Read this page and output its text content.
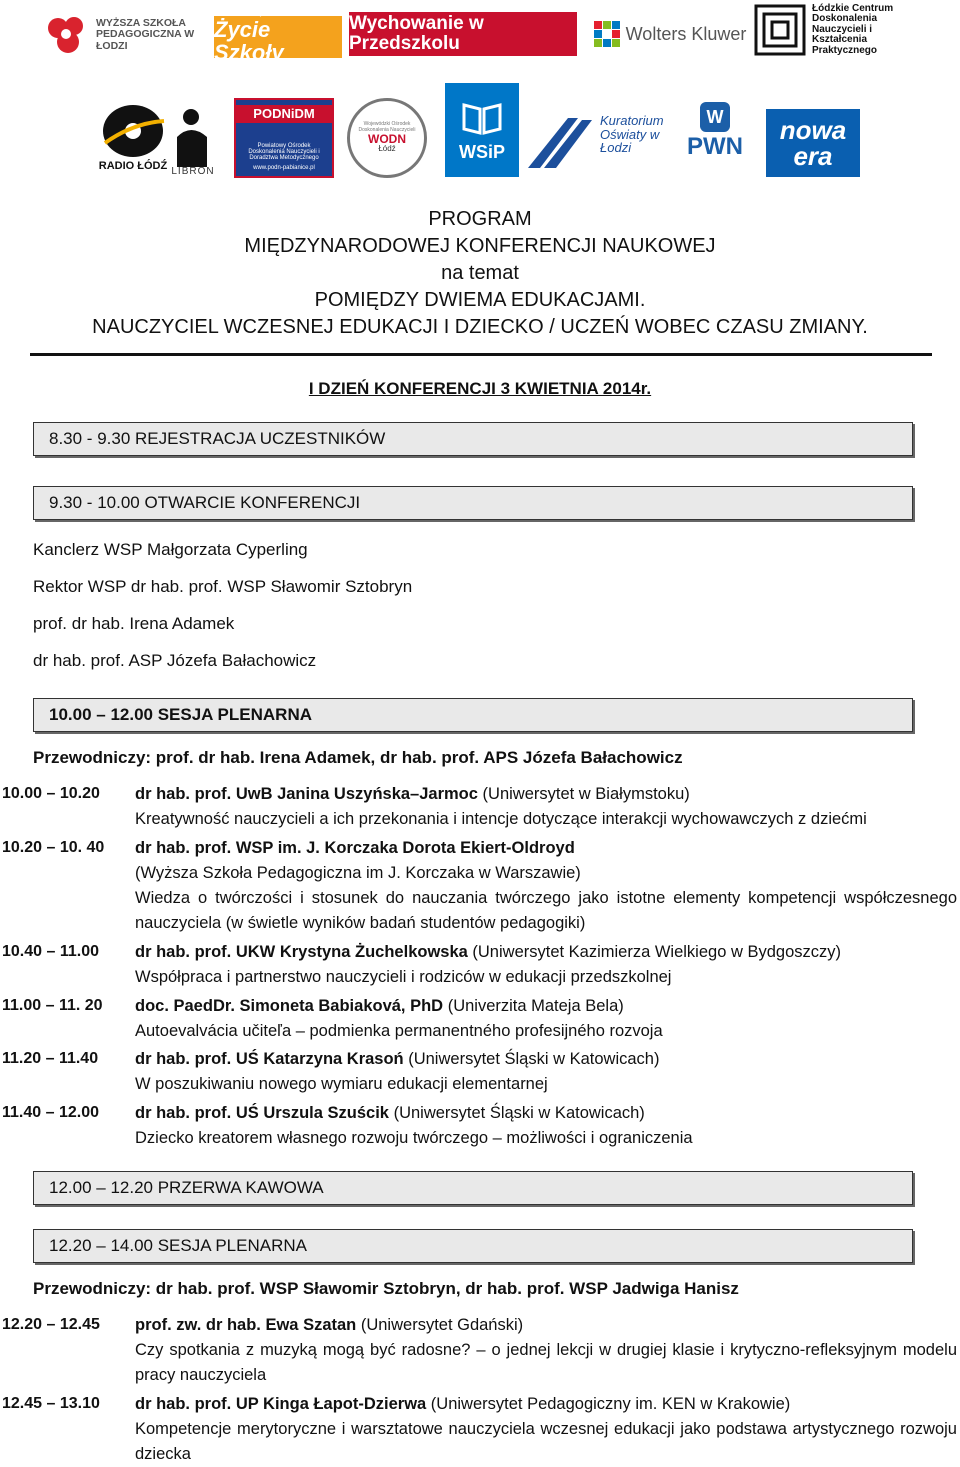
WYŻSZA SZKOŁA PEDAGOGICZNA W ŁODZI
edukacja wczesnoszkolna
Życie Szkoły
Wychowanie w Przedszkolu	Wolters Kluwer
Łódzkie Centrum Doskonalenia Nauczycieli i Kształcenia Praktycznego
RADIO ŁÓDŹ LIBRON
PODNiDM
Powiatowy Ośrodek Doskonalenia Nauczycieli i Doradztwa Metodycznego
www.podn-pabianice.pl
Wojewódzki Ośrodek Doskonalenia Nauczycieli
WODN
Łódź	WSiP
Kuratorium Oświaty w Łodzi
W
PWN
nowa era
PROGRAM
MIĘDZYNARODOWEJ KONFERENCJI NAUKOWEJ
na temat
POMIĘDZY DWIEMA EDUKACJAMI.
NAUCZYCIEL WCZESNEJ EDUKACJI I DZIECKO / UCZEŃ WOBEC CZASU ZMIANY.
I DZIEŃ KONFERENCJI 3 KWIETNIA 2014r.
8.30 - 9.30 REJESTRACJA UCZESTNIKÓW
9.30 - 10.00 OTWARCIE KONFERENCJI
Kanclerz WSP Małgorzata Cyperling
Rektor WSP dr hab. prof. WSP Sławomir Sztobryn
prof. dr hab. Irena Adamek
dr hab. prof. ASP Józefa Bałachowicz
10.00 – 12.00 SESJA PLENARNA
Przewodniczy: prof. dr hab. Irena Adamek, dr hab. prof. APS Józefa Bałachowicz
10.00 – 10.20	dr hab. prof. UwB Janina Uszyńska–Jarmoc (Uniwersytet w Białymstoku)
Kreatywność nauczycieli a ich przekonania i intencje dotyczące interakcji wychowawczych z dziećmi
10.20 – 10. 40	dr hab. prof. WSP im. J. Korczaka Dorota Ekiert-Oldroyd
(Wyższa Szkoła Pedagogiczna im J. Korczaka w Warszawie)
Wiedza o twórczości i stosunek do nauczania twórczego jako istotne elementy kompetencji współczesnego nauczyciela (w świetle wyników badań studentów pedagogiki)
10.40 – 11.00	dr hab. prof. UKW Krystyna Żuchelkowska (Uniwersytet Kazimierza Wielkiego w Bydgoszczy)
Współpraca i partnerstwo nauczycieli i rodziców w edukacji przedszkolnej
11.00 – 11. 20	doc. PaedDr. Simoneta Babiaková, PhD (Univerzita Mateja Bela)
Autoevalvácia učiteľa – podmienka permanentného profesijného rozvoja
11.20 – 11.40	dr hab. prof. UŚ Katarzyna Krasoń (Uniwersytet Śląski w Katowicach)
W poszukiwaniu nowego wymiaru edukacji elementarnej
11.40 – 12.00	dr hab. prof. UŚ Urszula Szuścik (Uniwersytet Śląski w Katowicach)
Dziecko kreatorem własnego rozwoju twórczego – możliwości i ograniczenia
12.00 – 12.20 PRZERWA KAWOWA
12.20 – 14.00 SESJA PLENARNA
Przewodniczy: dr hab. prof. WSP Sławomir Sztobryn, dr hab. prof. WSP Jadwiga Hanisz
12.20 – 12.45	prof. zw. dr hab. Ewa Szatan (Uniwersytet Gdański)
Czy spotkania z muzyką mogą być radosne? – o jednej lekcji w drugiej klasie i krytyczno-refleksyjnym modelu pracy nauczyciela
12.45 – 13.10	dr hab. prof. UP Kinga Łapot-Dzierwa (Uniwersytet Pedagogiczny im. KEN w Krakowie)
Kompetencje merytoryczne i warsztatowe nauczyciela wczesnej edukacji jako podstawa artystycznego rozwoju dziecka
